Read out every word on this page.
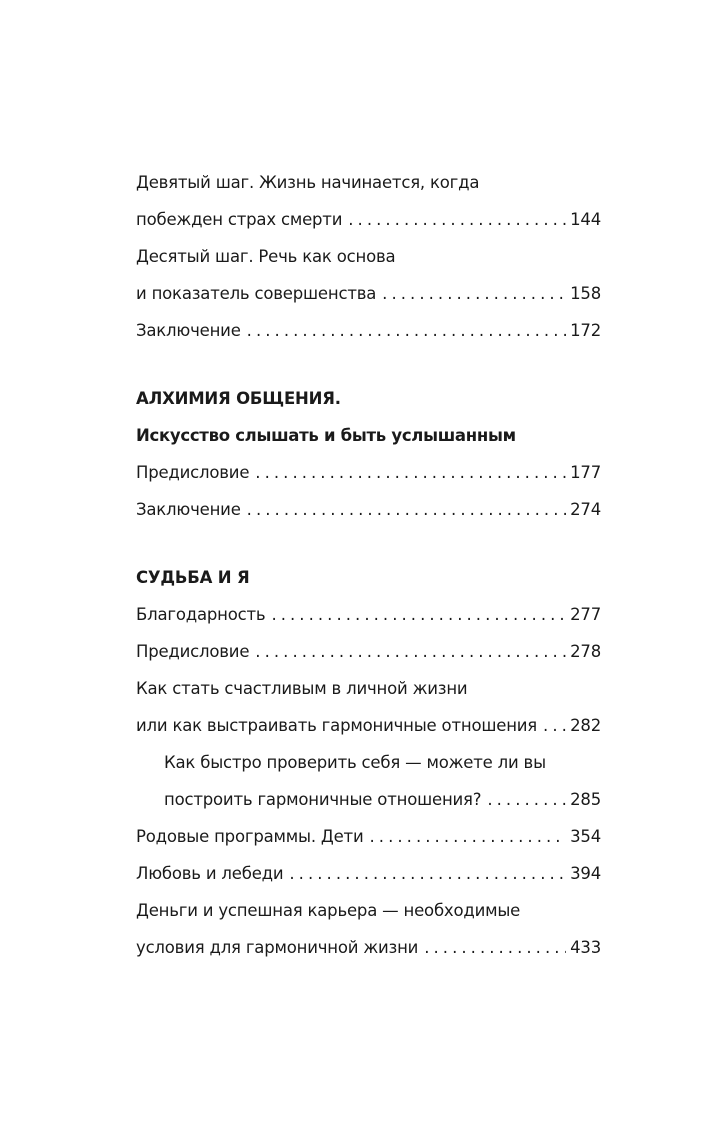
Девятый шаг. Жизнь начинается, когда
побежден страх смерти . . .	144
Десятый шаг. Речь как основа
и показатель совершенства . . .	158
Заключение . . .	172
АЛХИМИЯ ОБЩЕНИЯ.
Искусство слышать и быть услышанным
Предисловие . . .	177
Заключение . . .	274
СУДЬБА И Я
Благодарность . . .	277
Предисловие . . .	278
Как стать счастливым в личной жизни
или как выстраивать гармоничные отношения . . . 282
Как быстро проверить себя — можете ли вы
построить гармоничные отношения? . . .	285
Родовые программы. Дети . . .	354
Любовь и лебеди . . .	394
Деньги и успешная карьера — необходимые
условия для гармоничной жизни . . .	433
